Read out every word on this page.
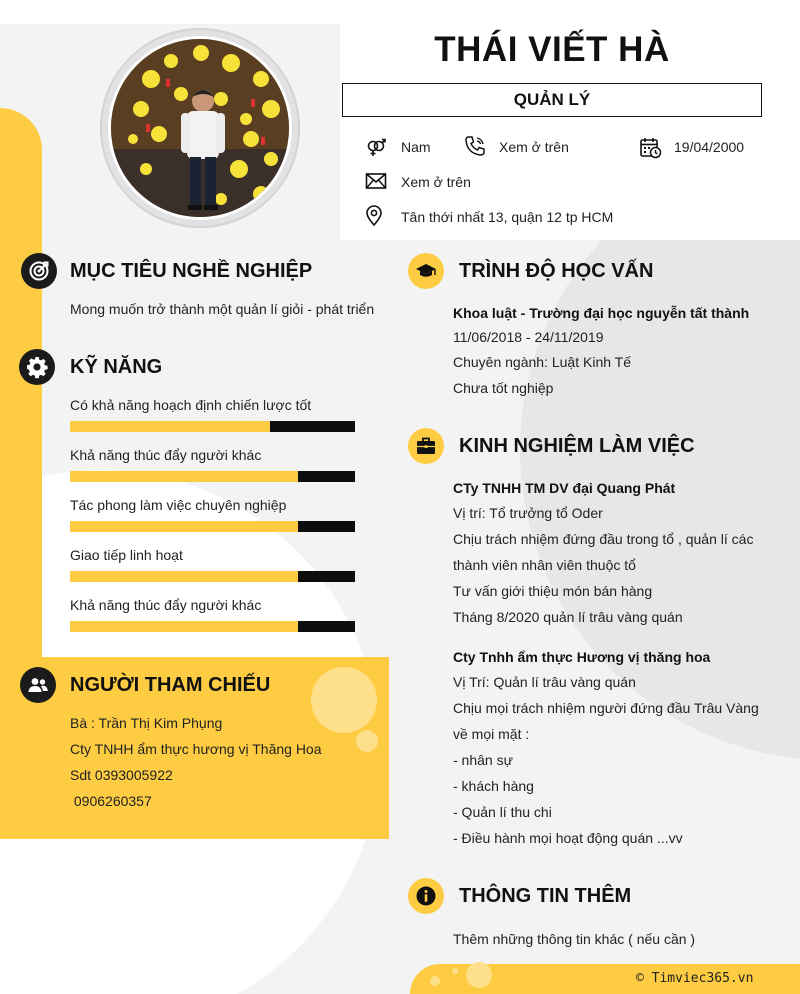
THÁI VIẾT HÀ
QUẢN LÝ
Nam	Xem ở trên	19/04/2000
Xem ở trên
Tân thới nhất 13, quận 12 tp HCM
MỤC TIÊU NGHỀ NGHIỆP
Mong muốn trở thành một quản lí giỏi - phát triển
KỸ NĂNG
Có khả năng hoạch định chiến lược tốt
Khả năng thúc đẩy người khác
Tác phong làm việc chuyên nghiệp
Giao tiếp linh hoạt
Khả năng thúc đẩy người khác
NGƯỜI THAM CHIẾU
Bà : Trần Thị Kim Phụng
Cty TNHH ẩm thực hương vị Thăng Hoa
Sdt 0393005922
0906260357
TRÌNH ĐỘ HỌC VẤN
Khoa luật - Trường đại học nguyễn tất thành
11/06/2018 - 24/11/2019
Chuyên ngành: Luật Kinh Tế
Chưa tốt nghiệp
KINH NGHIỆM LÀM VIỆC
CTy TNHH TM DV đại Quang Phát
Vị trí: Tổ trưởng tổ Oder
Chịu trách nhiệm đứng đầu trong tổ , quản lí các
thành viên nhân viên thuộc tổ
Tư vấn giới thiệu món bán hàng
Tháng 8/2020 quản lí trâu vàng quán
Cty Tnhh ẩm thực Hương vị thăng hoa
Vị Trí: Quản lí trâu vàng quán
Chịu mọi trách nhiệm người đứng đầu Trâu Vàng
về mọi mặt :
- nhân sự
- khách hàng
- Quản lí thu chi
- Điều hành mọi hoạt động quán ...vv
THÔNG TIN THÊM
Thêm những thông tin khác ( nếu cần )
© Timviec365.vn
